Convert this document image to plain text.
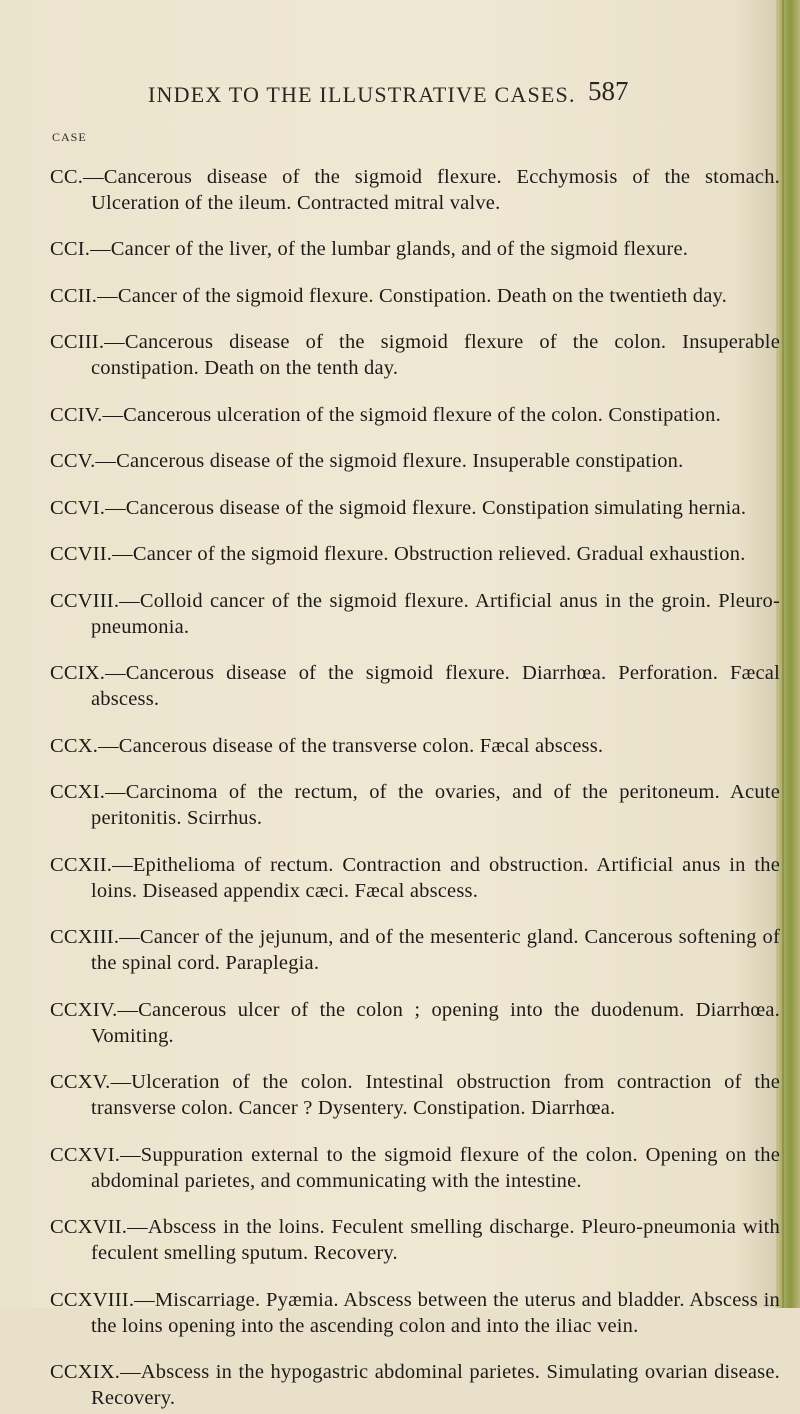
INDEX TO THE ILLUSTRATIVE CASES. 587
CASE

CC.—Cancerous disease of the sigmoid flexure. Ecchymosis of the stomach. Ulceration of the ileum. Contracted mitral valve.

CCI.—Cancer of the liver, of the lumbar glands, and of the sigmoid flexure.

CCII.—Cancer of the sigmoid flexure. Constipation. Death on the twentieth day.

CCIII.—Cancerous disease of the sigmoid flexure of the colon. Insuperable constipation. Death on the tenth day.

CCIV.—Cancerous ulceration of the sigmoid flexure of the colon. Constipation.

CCV.—Cancerous disease of the sigmoid flexure. Insuperable constipation.

CCVI.—Cancerous disease of the sigmoid flexure. Constipation simulating hernia.

CCVII.—Cancer of the sigmoid flexure. Obstruction relieved. Gradual exhaustion.

CCVIII.—Colloid cancer of the sigmoid flexure. Artificial anus in the groin. Pleuro-pneumonia.

CCIX.—Cancerous disease of the sigmoid flexure. Diarrhœa. Perforation. Fæcal abscess.

CCX.—Cancerous disease of the transverse colon. Fæcal abscess.

CCXI.—Carcinoma of the rectum, of the ovaries, and of the peritoneum. Acute peritonitis. Scirrhus.

CCXII.—Epithelioma of rectum. Contraction and obstruction. Artificial anus in the loins. Diseased appendix cæci. Fæcal abscess.

CCXIII.—Cancer of the jejunum, and of the mesenteric gland. Cancerous softening of the spinal cord. Paraplegia.

CCXIV.—Cancerous ulcer of the colon ; opening into the duodenum. Diarrhœa. Vomiting.

CCXV.—Ulceration of the colon. Intestinal obstruction from contraction of the transverse colon. Cancer ? Dysentery. Constipation. Diarrhœa.

CCXVI.—Suppuration external to the sigmoid flexure of the colon. Opening on the abdominal parietes, and communicating with the intestine.

CCXVII.—Abscess in the loins. Feculent smelling discharge. Pleuro-pneumonia with feculent smelling sputum. Recovery.

CCXVIII.—Miscarriage. Pyæmia. Abscess between the uterus and bladder. Abscess in the loins opening into the ascending colon and into the iliac vein.

CCXIX.—Abscess in the hypogastric abdominal parietes. Simulating ovarian disease. Recovery.
